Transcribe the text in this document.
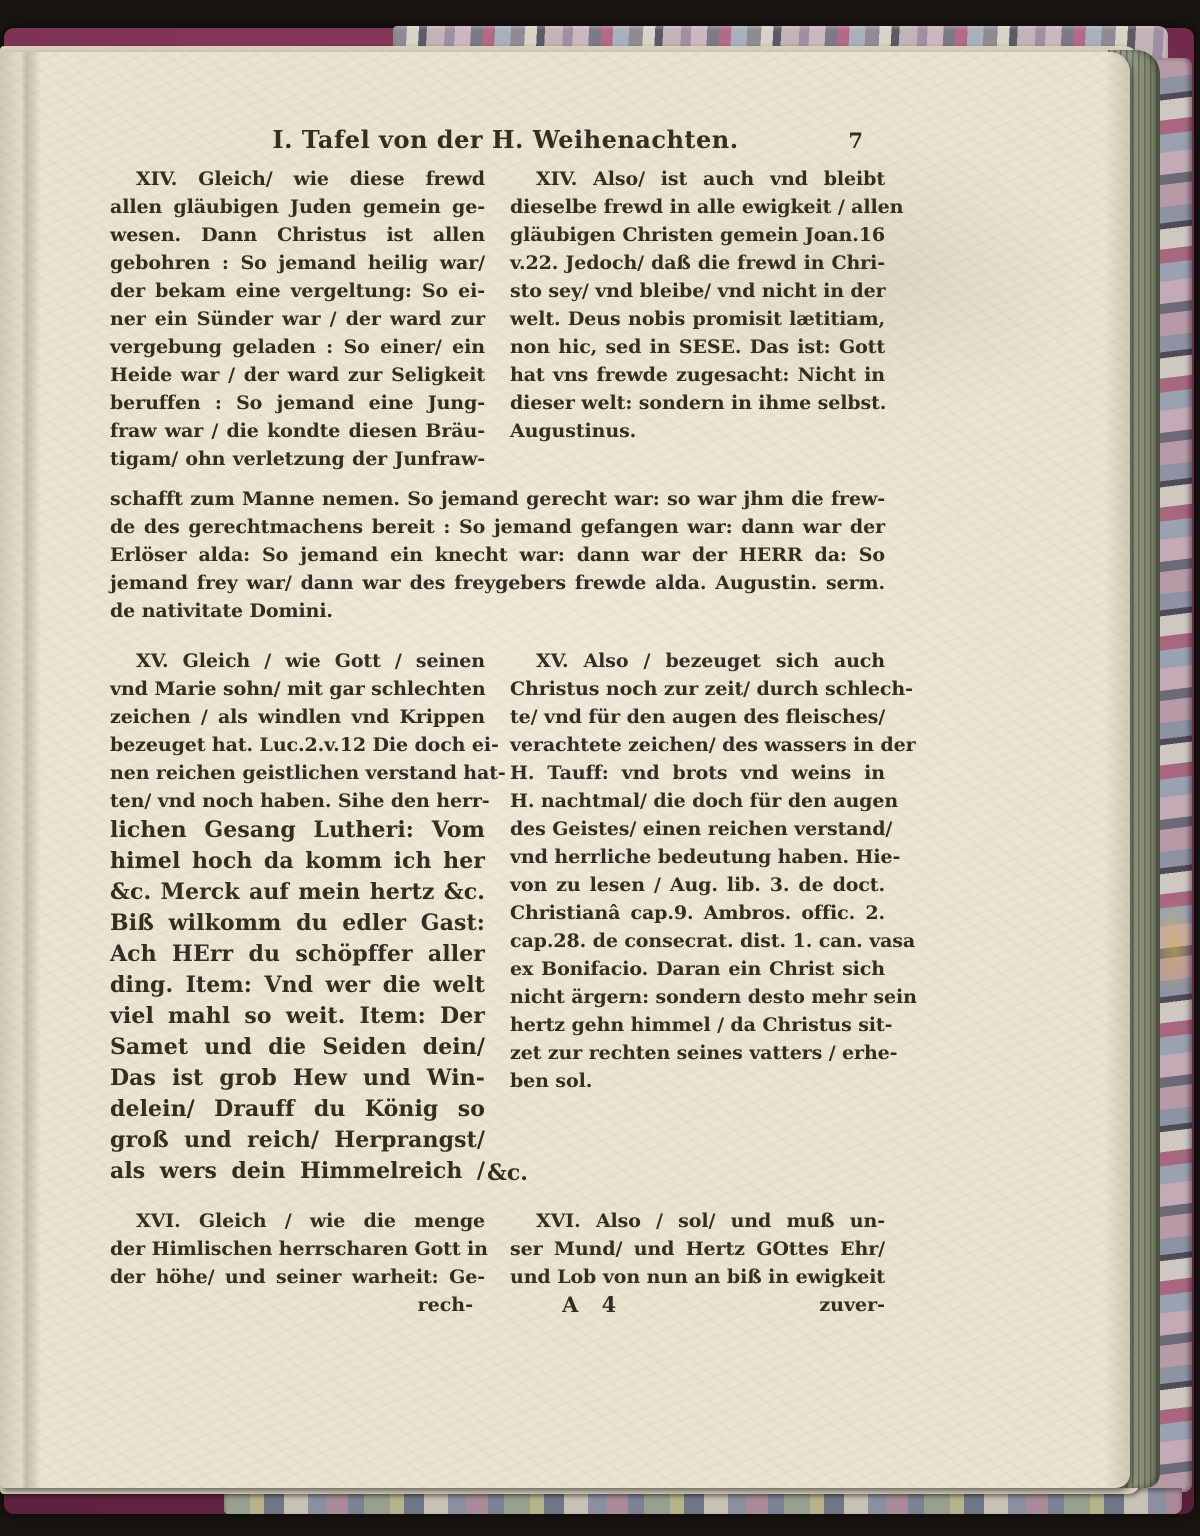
I. Tafel von der H. Weihenachten.	7
XIV. Gleich/ wie diese frewd
allen gläubigen Juden gemein ge-
wesen. Dann Christus ist allen
gebohren : So jemand heilig war/
der bekam eine vergeltung: So ei-
ner ein Sünder war / der ward zur
vergebung geladen : So einer/ ein
Heide war / der ward zur Seligkeit
beruffen : So jemand eine Jung-
fraw war / die kondte diesen Bräu-
tigam/ ohn verletzung der Junfraw-
XIV. Also/ ist auch vnd bleibt
dieselbe frewd in alle ewigkeit / allen
gläubigen Christen gemein Joan.16
v.22. Jedoch/ daß die frewd in Chri-
sto sey/ vnd bleibe/ vnd nicht in der
welt. Deus nobis promisit lætitiam,
non hic, sed in SESE. Das ist: Gott
hat vns frewde zugesacht: Nicht in
dieser welt: sondern in ihme selbst.
Augustinus.
schafft zum Manne nemen. So jemand gerecht war: so war jhm die frew-
de des gerechtmachens bereit : So jemand gefangen war: dann war der
Erlöser alda: So jemand ein knecht war: dann war der HERR da: So
jemand frey war/ dann war des freygebers frewde alda. Augustin. serm.
de nativitate Domini.
XV. Gleich / wie Gott / seinen
vnd Marie sohn/ mit gar schlechten
zeichen / als windlen vnd Krippen
bezeuget hat. Luc.2.v.12 Die doch ei-
nen reichen geistlichen verstand hat-
ten/ vnd noch haben. Sihe den herr-
lichen Gesang Lutheri: Vom
himel hoch da komm ich her
&c. Merck auf mein hertz &c.
Biß wilkomm du edler Gast:
Ach HErr du schöpffer aller
ding. Item: Vnd wer die welt
viel mahl so weit. Item: Der
Samet und die Seiden dein/
Das ist grob Hew und Win-
delein/ Drauff du König so
groß und reich/ Herprangst/
als wers dein Himmelreich /
XV. Also / bezeuget sich auch
Christus noch zur zeit/ durch schlech-
te/ vnd für den augen des fleisches/
verachtete zeichen/ des wassers in der
H. Tauff: vnd brots vnd weins in
H. nachtmal/ die doch für den augen
des Geistes/ einen reichen verstand/
vnd herrliche bedeutung haben. Hie-
von zu lesen / Aug. lib. 3. de doct.
Christianâ cap.9. Ambros. offic. 2.
cap.28. de consecrat. dist. 1. can. vasa
ex Bonifacio. Daran ein Christ sich
nicht ärgern: sondern desto mehr sein
hertz gehn himmel / da Christus sit-
zet zur rechten seines vatters / erhe-
ben sol.
&c.
XVI. Gleich / wie die menge
der Himlischen herrscharen Gott in
der höhe/ und seiner warheit: Ge-
XVI. Also / sol/ und muß un-
ser Mund/ und Hertz GOttes Ehr/
und Lob von nun an biß in ewigkeit
rech-	A 4	zuver-
